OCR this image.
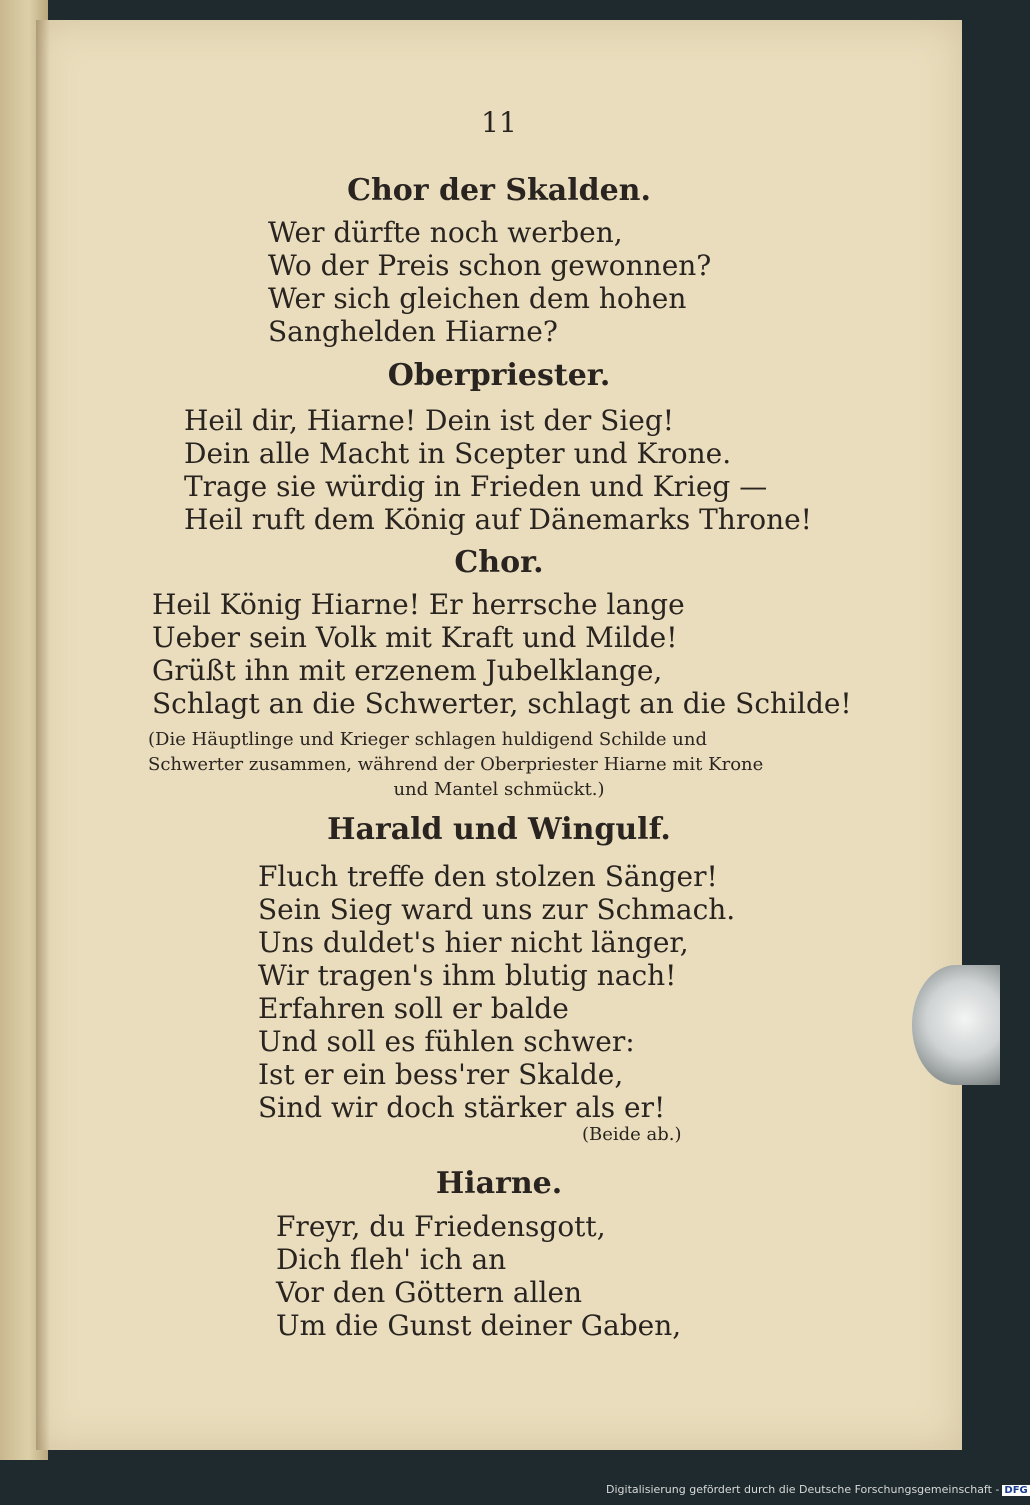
11
Chor der Skalden.
Wer dürfte noch werben,
Wo der Preis schon gewonnen?
Wer sich gleichen dem hohen
Sanghelden Hiarne?
Oberpriester.
Heil dir, Hiarne! Dein ist der Sieg!
Dein alle Macht in Scepter und Krone.
Trage sie würdig in Frieden und Krieg —
Heil ruft dem König auf Dänemarks Throne!
Chor.
Heil König Hiarne! Er herrsche lange
Ueber sein Volk mit Kraft und Milde!
Grüßt ihn mit erzenem Jubelklange,
Schlagt an die Schwerter, schlagt an die Schilde!
(Die Häuptlinge und Krieger schlagen huldigend Schilde und
Schwerter zusammen, während der Oberpriester Hiarne mit Krone
und Mantel schmückt.)
Harald und Wingulf.
Fluch treffe den stolzen Sänger!
Sein Sieg ward uns zur Schmach.
Uns duldet's hier nicht länger,
Wir tragen's ihm blutig nach!
Erfahren soll er balde
Und soll es fühlen schwer:
Ist er ein bess'rer Skalde,
Sind wir doch stärker als er!
(Beide ab.)
Hiarne.
Freyr, du Friedensgott,
Dich fleh' ich an
Vor den Göttern allen
Um die Gunst deiner Gaben,
Digitalisierung gefördert durch die Deutsche Forschungsgemeinschaft - DFG
